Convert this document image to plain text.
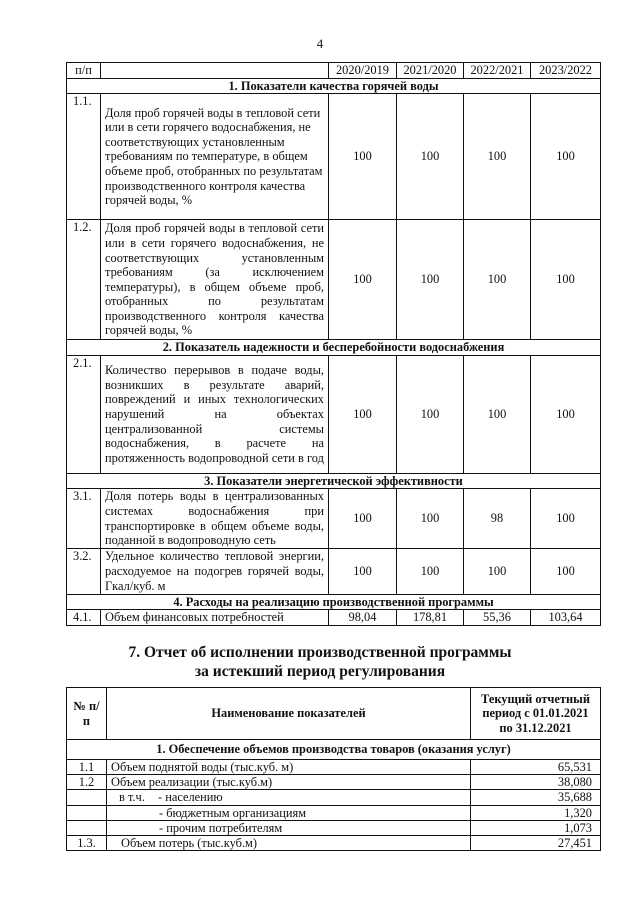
4
п/п		2020/2019	2021/2020	2022/2021	2023/2022
1. Показатели качества горячей воды					
1.1.	Доля проб горячей воды в тепловой сети или в сети горячего водоснабжения, не соответствующих установленным требованиям по температуре, в общем объеме проб, отобранных по результатам производственного контроля качества горячей воды, %	100	100	100	100
1.2.	Доля проб горячей воды в тепловой сети или в сети горячего водоснабжения, не соответствующих установленным требованиям (за исключением температуры), в общем объеме проб, отобранных по результатам производственного контроля качества горячей воды, %	100	100	100	100
2. Показатель надежности и бесперебойности водоснабжения					
2.1.	Количество перерывов в подаче воды, возникших в результате аварий, повреждений и иных технологических нарушений на объектах централизованной системы водоснабжения, в расчете на протяженность водопроводной сети в год	100	100	100	100
3. Показатели энергетической эффективности					
3.1.	Доля потерь воды в централизованных системах водоснабжения при транспортировке в общем объеме воды, поданной в водопроводную сеть	100	100	98	100
3.2.	Удельное количество тепловой энергии, расходуемое на подогрев горячей воды, Гкал/куб. м	100	100	100	100
4. Расходы на реализацию производственной программы					
4.1.	Объем финансовых потребностей	98,04	178,81	55,36	103,64
7. Отчет об исполнении производственной программы
за истекший период регулирования
№ п/п	Наименование показателей	Текущий отчетный период с 01.01.2021 по 31.12.2021
1. Обеспечение объемов производства товаров (оказания услуг)		
1.1	Объем поднятой воды (тыс.куб. м)	65,531
1.2	Объем реализации (тыс.куб.м)	38,080
	в т.ч. - населению	35,688
	- бюджетным организациям	1,320
	- прочим потребителям	1,073
1.3.	Объем потерь (тыс.куб.м)	27,451
